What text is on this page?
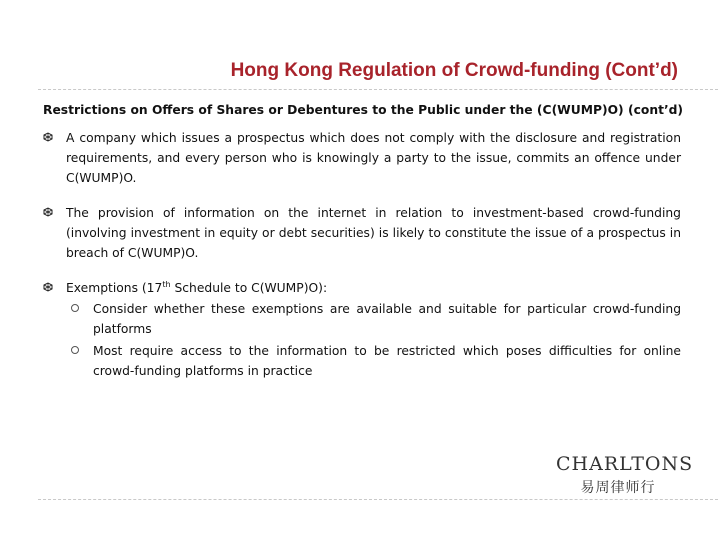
Hong Kong Regulation of Crowd-funding (Cont’d)
Restrictions on Offers of Shares or Debentures to the Public under the (C(WUMP)O) (cont’d)
A company which issues a prospectus which does not comply with the disclosure and registration requirements, and every person who is knowingly a party to the issue, commits an offence under C(WUMP)O.
The provision of information on the internet in relation to investment-based crowd-funding (involving investment in equity or debt securities) is likely to constitute the issue of a prospectus in breach of C(WUMP)O.
Exemptions (17th Schedule to C(WUMP)O):
Consider whether these exemptions are available and suitable for particular crowd-funding platforms
Most require access to the information to be restricted which poses difficulties for online crowd-funding platforms in practice
CHARLTONS
易周律师行
